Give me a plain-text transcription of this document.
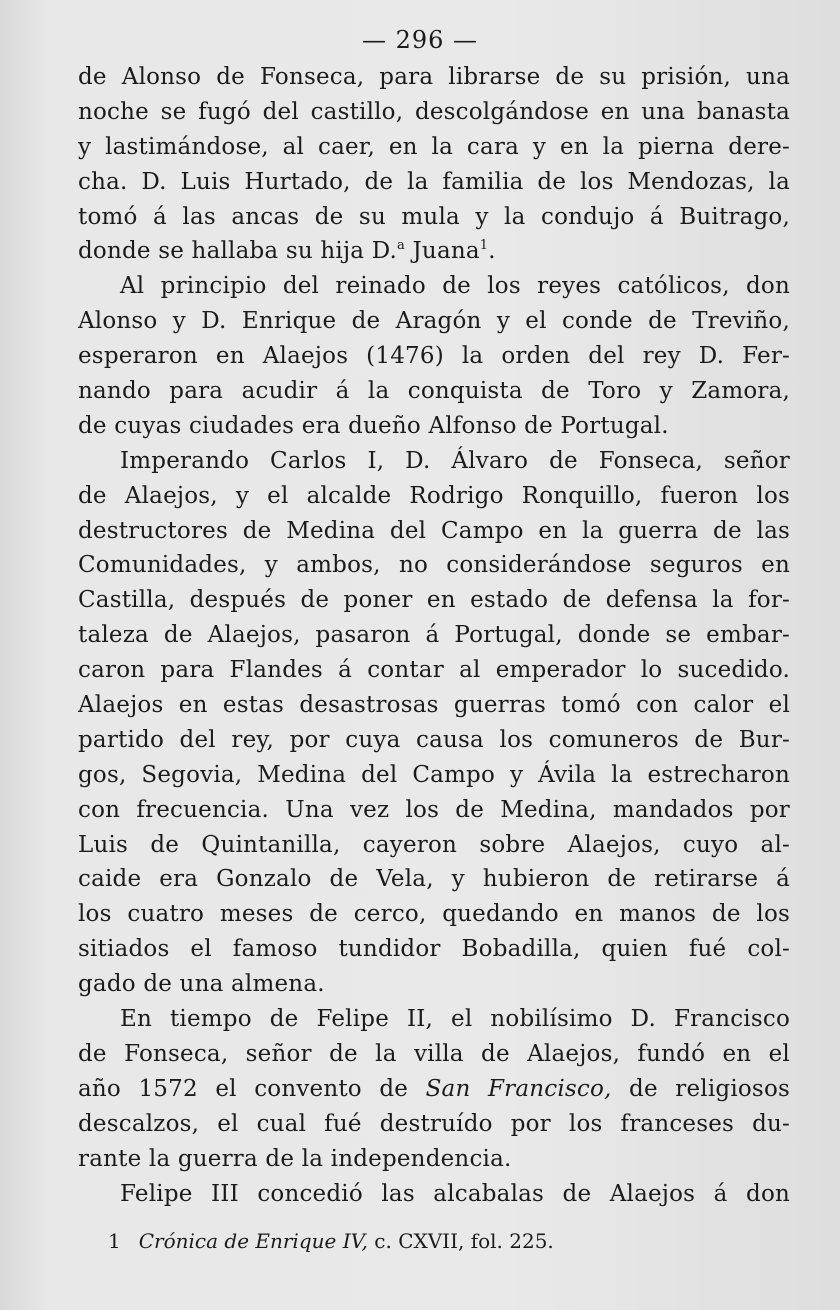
— 296 —
de Alonso de Fonseca, para librarse de su prisión, una
noche se fugó del castillo, descolgándose en una banasta
y lastimándose, al caer, en la cara y en la pierna dere-
cha. D. Luis Hurtado, de la familia de los Mendozas, la
tomó á las ancas de su mula y la condujo á Buitrago,
donde se hallaba su hija D.$^a$ Juana$^1$.
Al principio del reinado de los reyes católicos, don
Alonso y D. Enrique de Aragón y el conde de Treviño,
esperaron en Alaejos (1476) la orden del rey D. Fer-
nando para acudir á la conquista de Toro y Zamora,
de cuyas ciudades era dueño Alfonso de Portugal.
Imperando Carlos I, D. Álvaro de Fonseca, señor
de Alaejos, y el alcalde Rodrigo Ronquillo, fueron los
destructores de Medina del Campo en la guerra de las
Comunidades, y ambos, no considerándose seguros en
Castilla, después de poner en estado de defensa la for-
taleza de Alaejos, pasaron á Portugal, donde se embar-
caron para Flandes á contar al emperador lo sucedido.
Alaejos en estas desastrosas guerras tomó con calor el
partido del rey, por cuya causa los comuneros de Bur-
gos, Segovia, Medina del Campo y Ávila la estrecharon
con frecuencia. Una vez los de Medina, mandados por
Luis de Quintanilla, cayeron sobre Alaejos, cuyo al-
caide era Gonzalo de Vela, y hubieron de retirarse á
los cuatro meses de cerco, quedando en manos de los
sitiados el famoso tundidor Bobadilla, quien fué col-
gado de una almena.
En tiempo de Felipe II, el nobilísimo D. Francisco
de Fonseca, señor de la villa de Alaejos, fundó en el
año 1572 el convento de San Francisco, de religiosos
descalzos, el cual fué destruído por los franceses du-
rante la guerra de la independencia.
Felipe III concedió las alcabalas de Alaejos á don
1 Crónica de Enrique IV, c. CXVII, fol. 225.
